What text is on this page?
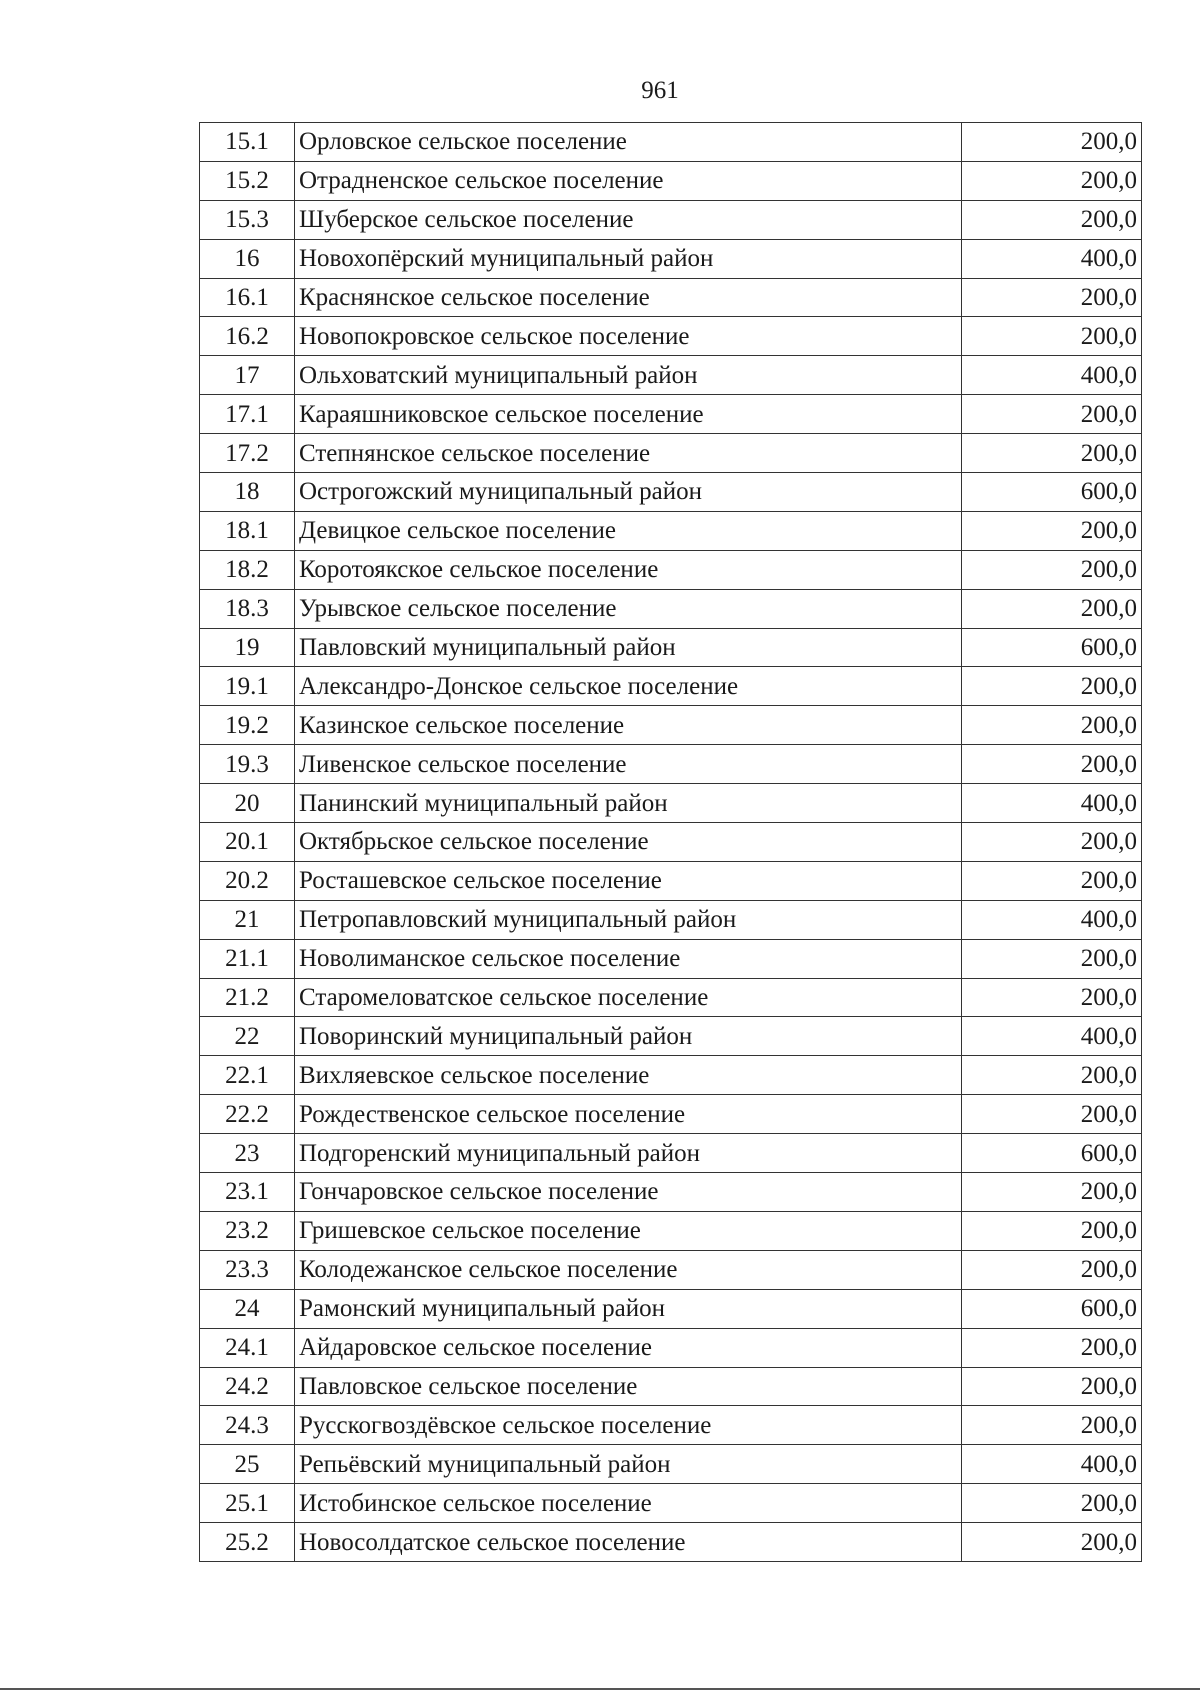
961
15.1	Орловское сельское поселение	200,0
15.2	Отрадненское сельское поселение	200,0
15.3	Шуберское сельское поселение	200,0
16	Новохопёрский муниципальный район	400,0
16.1	Краснянское сельское поселение	200,0
16.2	Новопокровское сельское поселение	200,0
17	Ольховатский муниципальный район	400,0
17.1	Караяшниковское сельское поселение	200,0
17.2	Степнянское сельское поселение	200,0
18	Острогожский муниципальный район	600,0
18.1	Девицкое сельское поселение	200,0
18.2	Коротоякское сельское поселение	200,0
18.3	Урывское сельское поселение	200,0
19	Павловский муниципальный район	600,0
19.1	Александро-Донское сельское поселение	200,0
19.2	Казинское сельское поселение	200,0
19.3	Ливенское сельское поселение	200,0
20	Панинский муниципальный район	400,0
20.1	Октябрьское сельское поселение	200,0
20.2	Росташевское сельское поселение	200,0
21	Петропавловский муниципальный район	400,0
21.1	Новолиманское сельское поселение	200,0
21.2	Старомеловатское сельское поселение	200,0
22	Поворинский муниципальный район	400,0
22.1	Вихляевское сельское поселение	200,0
22.2	Рождественское сельское поселение	200,0
23	Подгоренский муниципальный район	600,0
23.1	Гончаровское сельское поселение	200,0
23.2	Гришевское сельское поселение	200,0
23.3	Колодежанское сельское поселение	200,0
24	Рамонский муниципальный район	600,0
24.1	Айдаровское сельское поселение	200,0
24.2	Павловское сельское поселение	200,0
24.3	Русскогвоздёвское сельское поселение	200,0
25	Репьёвский муниципальный район	400,0
25.1	Истобинское сельское поселение	200,0
25.2	Новосолдатское сельское поселение	200,0
